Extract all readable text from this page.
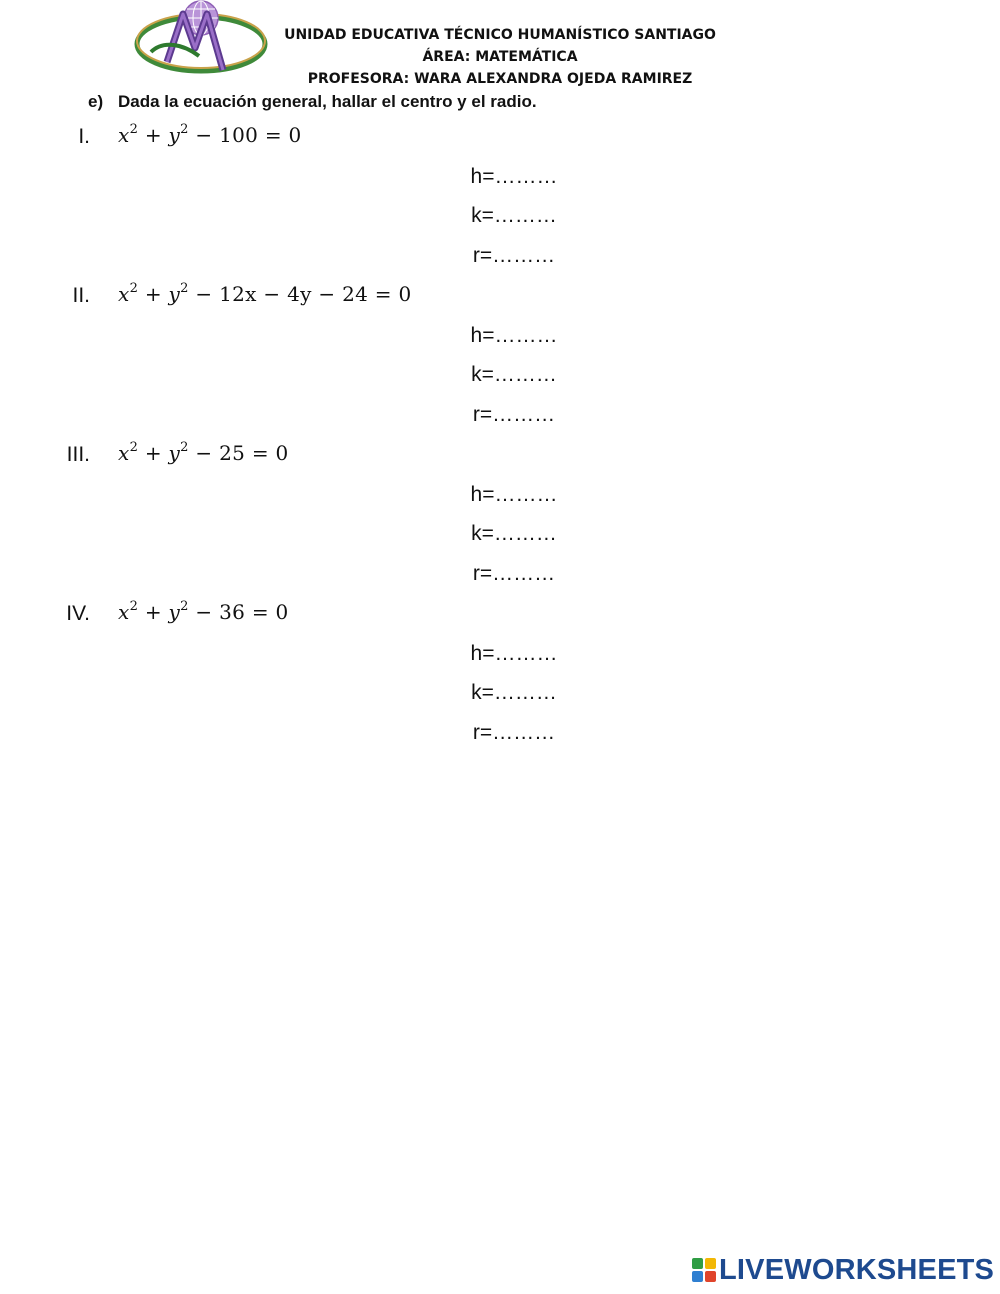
UNIDAD EDUCATIVA TÉCNICO HUMANÍSTICO SANTIAGO
ÁREA: MATEMÁTICA
PROFESORA: WARA ALEXANDRA OJEDA RAMIREZ
e) Dada la ecuación general, hallar el centro y el radio.
I. $x^2 + y^2 - 100 = 0$
h=………
k=………
r=………
II. $x^2 + y^2 - 12x - 4y - 24 = 0$
h=………
k=………
r=………
III. $x^2 + y^2 - 25 = 0$
h=………
k=………
r=………
IV. $x^2 + y^2 - 36 = 0$
h=………
k=………
r=………
LIVEWORKSHEETS
